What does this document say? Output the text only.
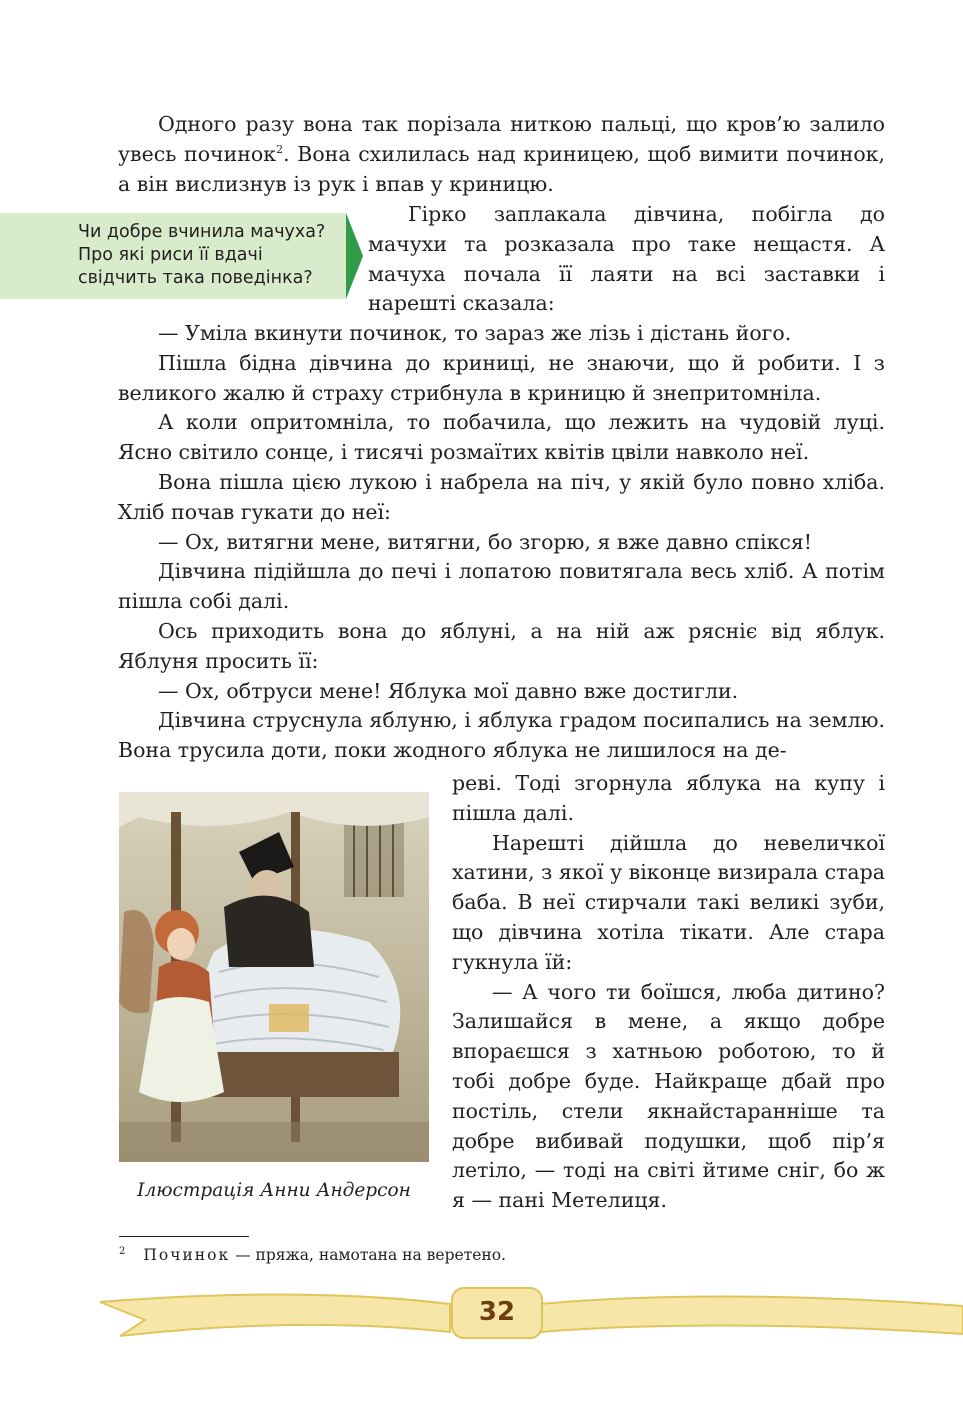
Одного разу вона так порізала ниткою пальці, що кров’ю залило увесь починок$^2$. Вона схилилась над криницею, щоб вимити починок, а він вислизнув із рук і впав у криницю.

Чи добре вчинила мачуха? Про які риси її вдачі свідчить така поведінка?

Гірко заплакала дівчина, побігла до мачухи та розказала про таке нещастя. А мачуха почала її лаяти на всі заставки і нарешті сказала:

— Уміла вкинути починок, то зараз же лізь і дістань його.

Пішла бідна дівчина до криниці, не знаючи, що й робити. І з великого жалю й страху стрибнула в криницю й знепритомніла.

А коли опритомніла, то побачила, що лежить на чудовій луці. Ясно світило сонце, і тисячі розмаїтих квітів цвіли навколо неї.

Вона пішла цією лукою і набрела на піч, у якій було повно хліба. Хліб почав гукати до неї:

— Ох, витягни мене, витягни, бо згорю, я вже давно спікся!

Дівчина підійшла до печі і лопатою повитягала весь хліб. А потім пішла собі далі.

Ось приходить вона до яблуні, а на ній аж рясніє від яблук. Яблуня просить її:

— Ох, обтруси мене! Яблука мої давно вже достигли.

Дівчина струснула яблуню, і яблука градом посипались на землю. Вона трусила доти, поки жодного яблука не лишилося на де-

Ілюстрація Анни Андерсон

реві. Тоді згорнула яблука на купу і пішла далі.

Нарешті дійшла до невеличкої хатини, з якої у віконце визирала стара баба. В неї стирчали такі великі зуби, що дівчина хотіла тікати. Але стара гукнула їй:

— А чого ти боїшся, люба дитино? Залишайся в мене, а якщо добре впораєшся з хатньою роботою, то й тобі добре буде. Найкраще дбай про постіль, стели якнайстаранніше та добре вибивай подушки, щоб пір’я летіло, — тоді на світі йтиме сніг, бо ж я — пані Метелиця.

$^2$ Починок — пряжа, намотана на веретено.
32
